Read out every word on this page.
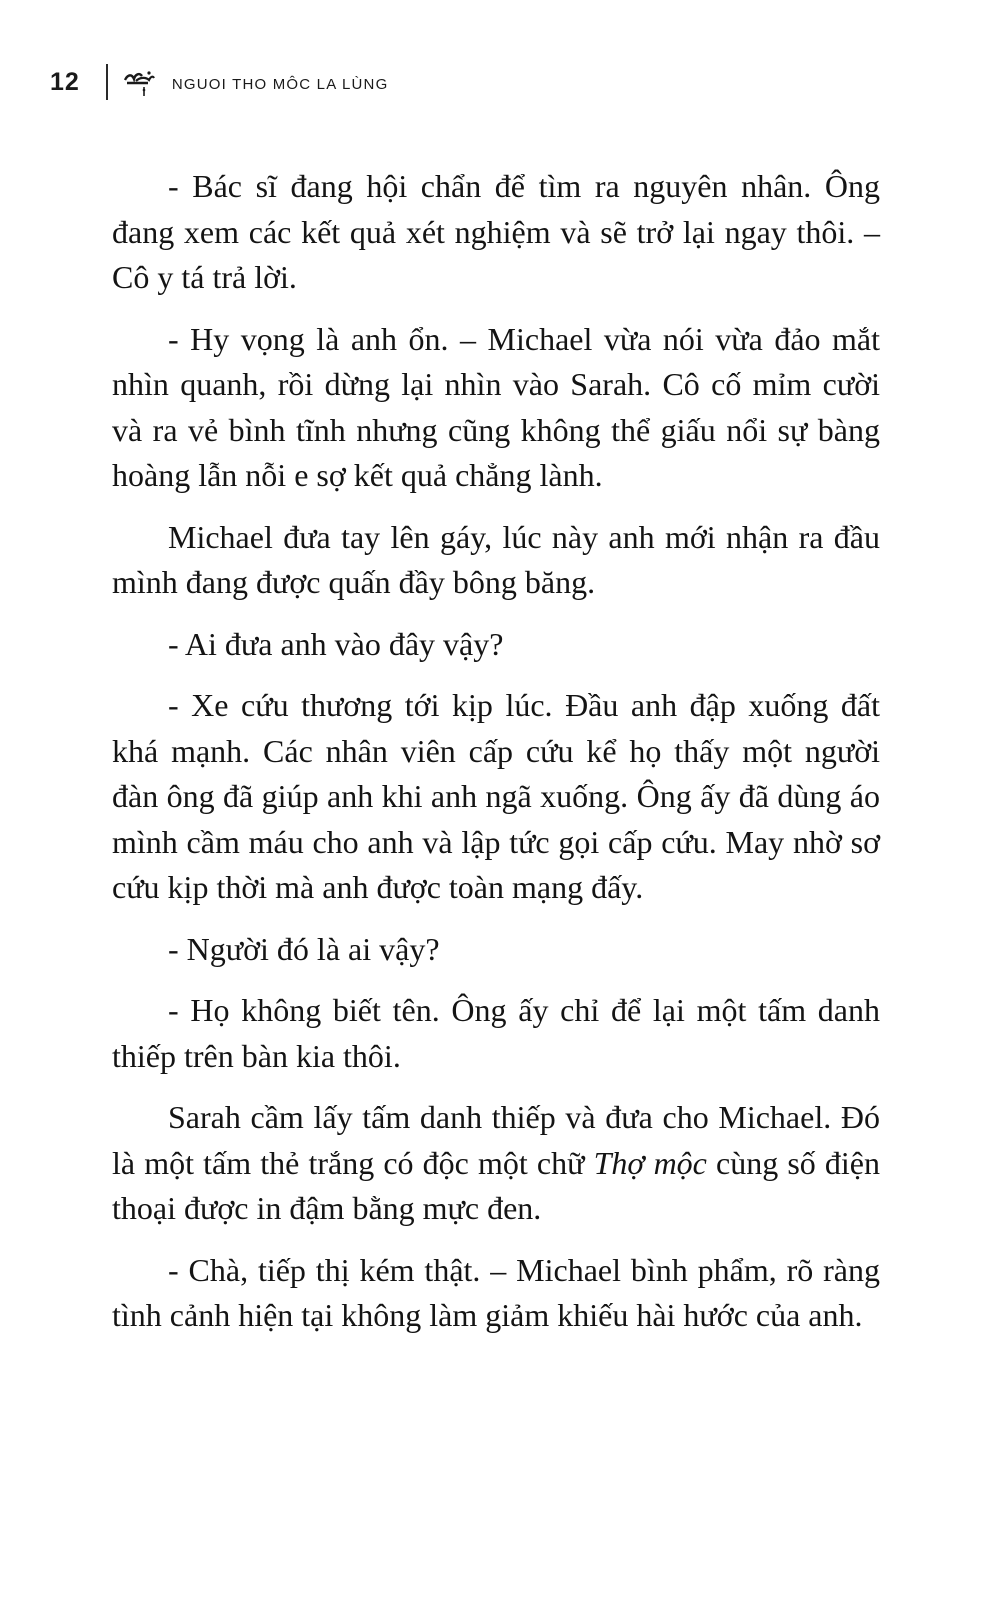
12	NGUOI THO MÔC LA LÙNG

- Bác sĩ đang hội chẩn để tìm ra nguyên nhân. Ông đang xem các kết quả xét nghiệm và sẽ trở lại ngay thôi. – Cô y tá trả lời.

- Hy vọng là anh ổn. – Michael vừa nói vừa đảo mắt nhìn quanh, rồi dừng lại nhìn vào Sarah. Cô cố mỉm cười và ra vẻ bình tĩnh nhưng cũng không thể giấu nổi sự bàng hoàng lẫn nỗi e sợ kết quả chẳng lành.

Michael đưa tay lên gáy, lúc này anh mới nhận ra đầu mình đang được quấn đầy bông băng.

- Ai đưa anh vào đây vậy?

- Xe cứu thương tới kịp lúc. Đầu anh đập xuống đất khá mạnh. Các nhân viên cấp cứu kể họ thấy một người đàn ông đã giúp anh khi anh ngã xuống. Ông ấy đã dùng áo mình cầm máu cho anh và lập tức gọi cấp cứu. May nhờ sơ cứu kịp thời mà anh được toàn mạng đấy.

- Người đó là ai vậy?

- Họ không biết tên. Ông ấy chỉ để lại một tấm danh thiếp trên bàn kia thôi.

Sarah cầm lấy tấm danh thiếp và đưa cho Michael. Đó là một tấm thẻ trắng có độc một chữ Thợ mộc cùng số điện thoại được in đậm bằng mực đen.

- Chà, tiếp thị kém thật. – Michael bình phẩm, rõ ràng tình cảnh hiện tại không làm giảm khiếu hài hước của anh.
